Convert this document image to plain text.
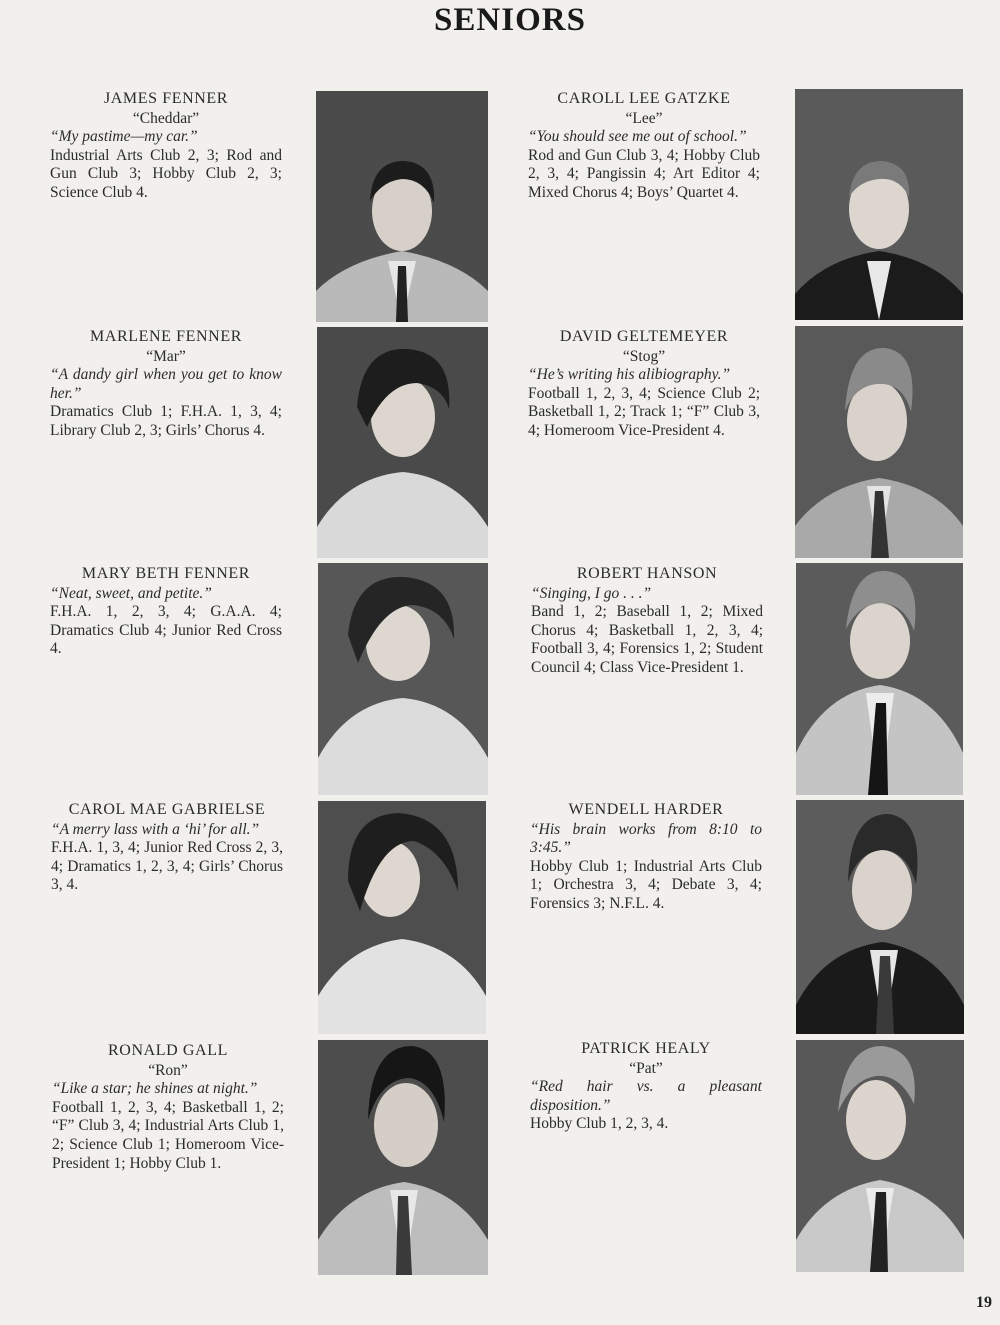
SENIORS
JAMES FENNER
“Cheddar”
“My pastime—my car.”
Industrial Arts Club 2, 3; Rod and Gun Club 3; Hobby Club 2, 3; Science Club 4.
CAROLL LEE GATZKE
“Lee”
“You should see me out of school.”
Rod and Gun Club 3, 4; Hobby Club 2, 3, 4; Pangissin 4; Art Editor 4; Mixed Chorus 4; Boys’ Quartet 4.
MARLENE FENNER
“Mar”
“A dandy girl when you get to know her.”
Dramatics Club 1; F.H.A. 1, 3, 4; Library Club 2, 3; Girls’ Chorus 4.
DAVID GELTEMEYER
“Stog”
“He’s writing his alibiography.”
Football 1, 2, 3, 4; Science Club 2; Basketball 1, 2; Track 1; “F” Club 3, 4; Homeroom Vice-President 4.
MARY BETH FENNER
“Neat, sweet, and petite.”
F.H.A. 1, 2, 3, 4; G.A.A. 4; Dramatics Club 4; Junior Red Cross 4.
ROBERT HANSON
“Singing, I go . . .”
Band 1, 2; Baseball 1, 2; Mixed Chorus 4; Basketball 1, 2, 3, 4; Football 3, 4; Forensics 1, 2; Student Council 4; Class Vice-President 1.
CAROL MAE GABRIELSE
“A merry lass with a ‘hi’ for all.”
F.H.A. 1, 3, 4; Junior Red Cross 2, 3, 4; Dramatics 1, 2, 3, 4; Girls’ Chorus 3, 4.
WENDELL HARDER
“His brain works from 8:10 to 3:45.”
Hobby Club 1; Industrial Arts Club 1; Orchestra 3, 4; Debate 3, 4; Forensics 3; N.F.L. 4.
RONALD GALL
“Ron”
“Like a star; he shines at night.”
Football 1, 2, 3, 4; Basketball 1, 2; “F” Club 3, 4; Industrial Arts Club 1, 2; Science Club 1; Homeroom Vice-President 1; Hobby Club 1.
PATRICK HEALY
“Pat”
“Red hair vs. a pleasant disposition.”
Hobby Club 1, 2, 3, 4.
19
